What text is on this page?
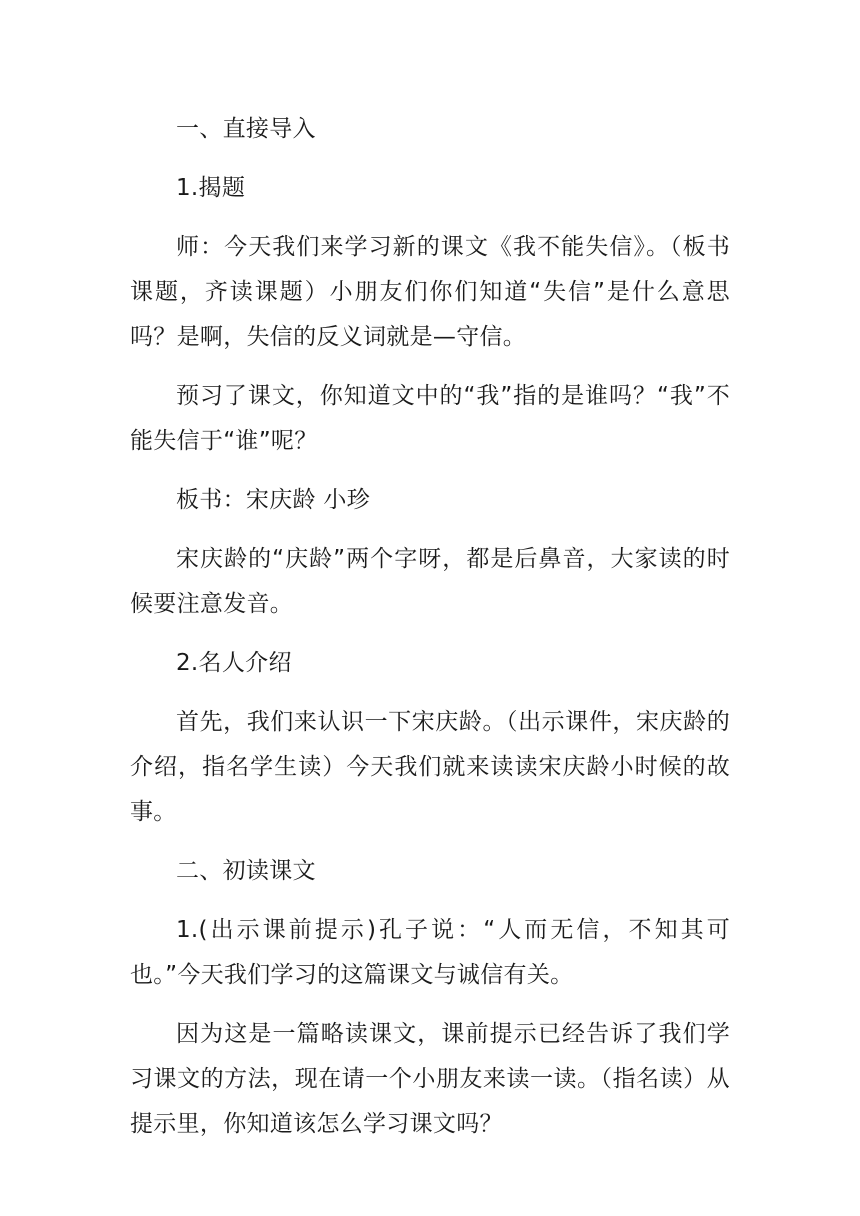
一、直接导入

1.揭题

师：今天我们来学习新的课文《我不能失信》。（板书课题，齐读课题）小朋友们你们知道“失信”是什么意思吗？是啊，失信的反义词就是—守信。

预习了课文，你知道文中的“我”指的是谁吗？“我”不能失信于“谁”呢？

板书：宋庆龄 小珍

宋庆龄的“庆龄”两个字呀，都是后鼻音，大家读的时候要注意发音。

2.名人介绍

首先，我们来认识一下宋庆龄。（出示课件，宋庆龄的介绍，指名学生读）今天我们就来读读宋庆龄小时候的故事。

二、初读课文

1.(出示课前提示)孔子说：“人而无信，不知其可也。”今天我们学习的这篇课文与诚信有关。

因为这是一篇略读课文，课前提示已经告诉了我们学习课文的方法，现在请一个小朋友来读一读。（指名读）从提示里，你知道该怎么学习课文吗？
